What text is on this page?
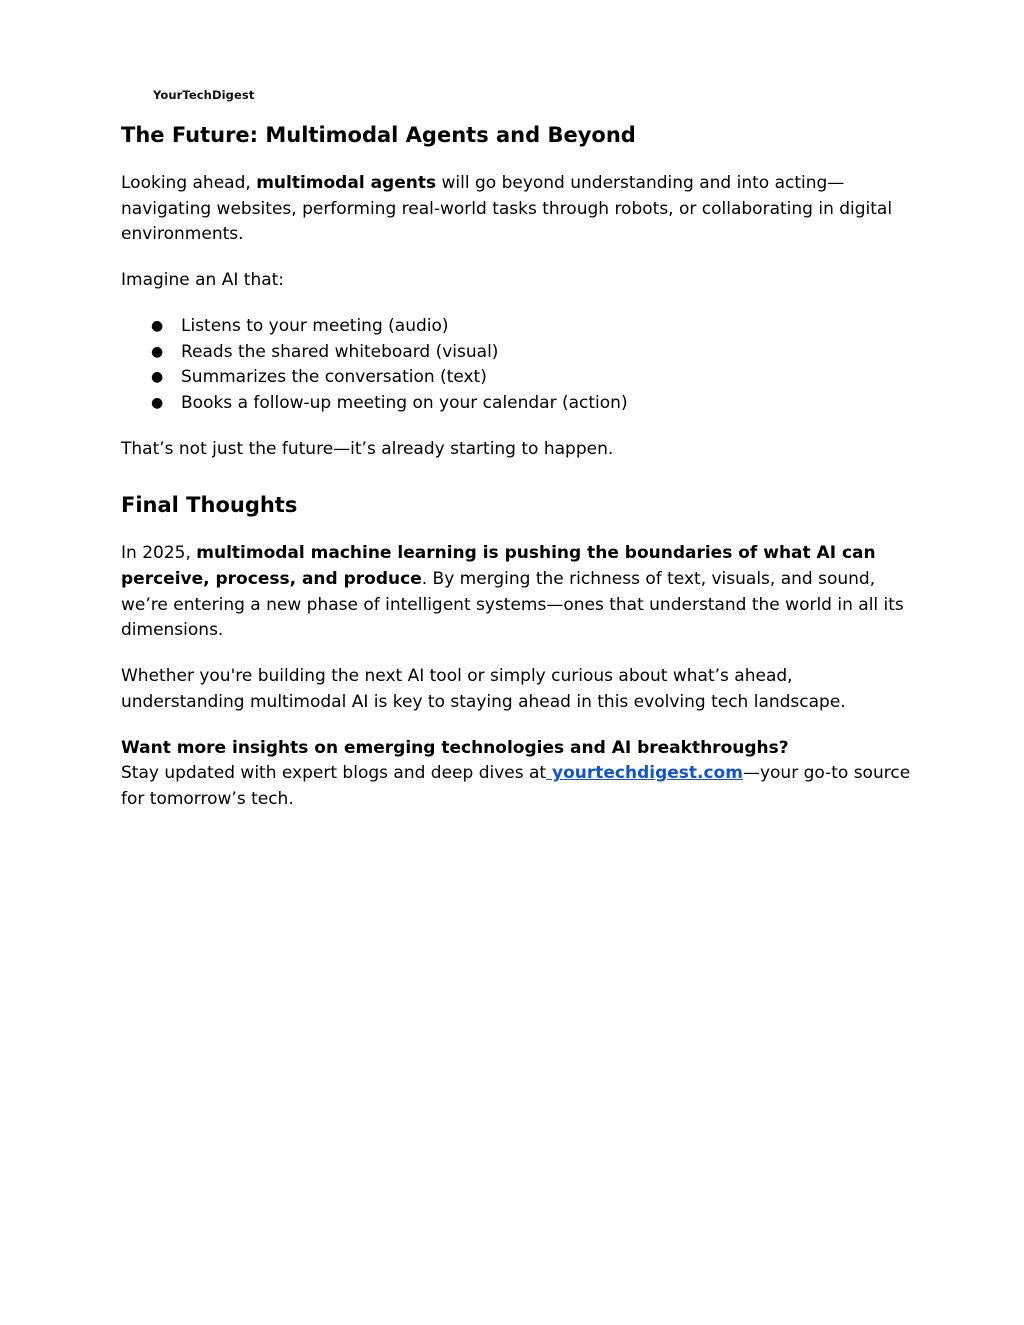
YourTechDigest
The Future: Multimodal Agents and Beyond

Looking ahead, multimodal agents will go beyond understanding and into acting—navigating websites, performing real-world tasks through robots, or collaborating in digital environments.

Imagine an AI that:

● Listens to your meeting (audio)
● Reads the shared whiteboard (visual)
● Summarizes the conversation (text)
● Books a follow-up meeting on your calendar (action)

That’s not just the future—it’s already starting to happen.

Final Thoughts

In 2025, multimodal machine learning is pushing the boundaries of what AI can perceive, process, and produce. By merging the richness of text, visuals, and sound, we’re entering a new phase of intelligent systems—ones that understand the world in all its dimensions.

Whether you're building the next AI tool or simply curious about what’s ahead, understanding multimodal AI is key to staying ahead in this evolving tech landscape.

Want more insights on emerging technologies and AI breakthroughs?
Stay updated with expert blogs and deep dives at yourtechdigest.com—your go-to source for tomorrow’s tech.
